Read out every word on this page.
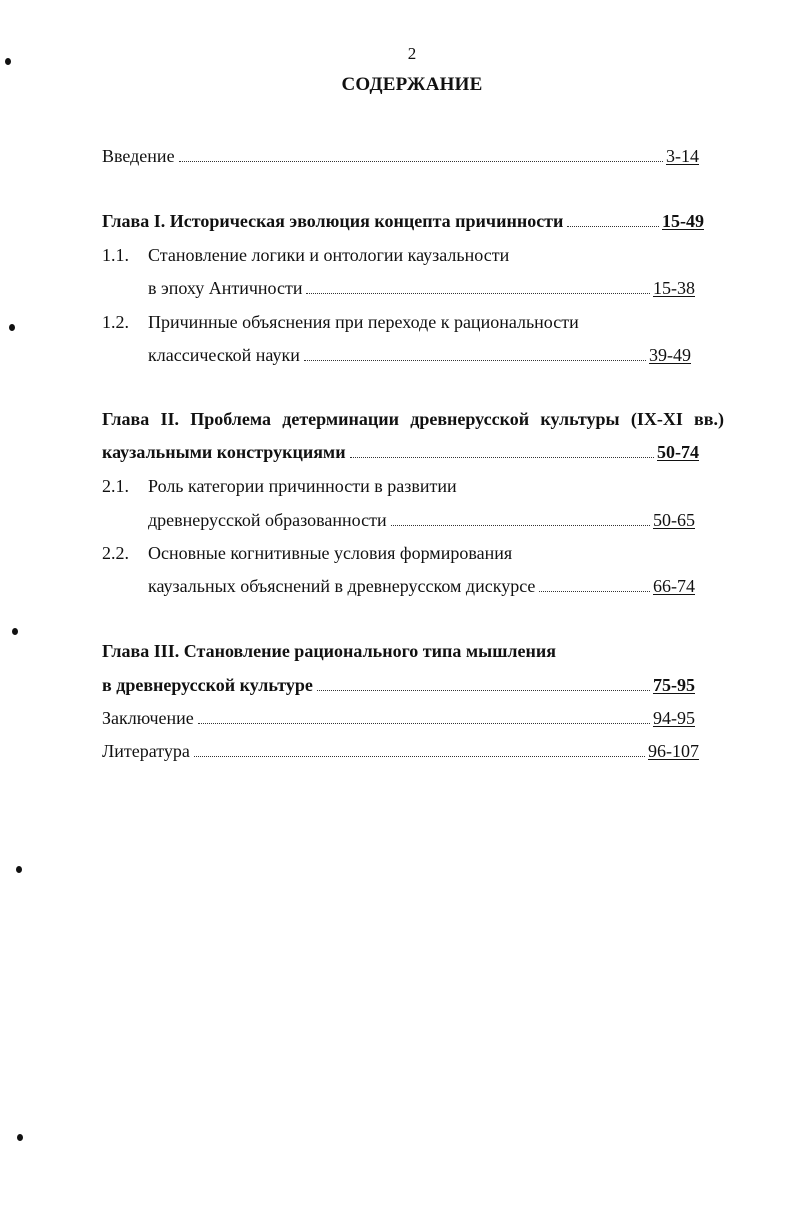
2
СОДЕРЖАНИЕ
Введение	3-14
Глава I. Историческая эволюция концепта причинности	15-49
1.1. Становление логики и онтологии каузальности
в эпоху Античности	15-38
1.2. Причинные объяснения при переходе к рациональности
классической науки	39-49
Глава II. Проблема детерминации древнерусской культуры (IX-XI вв.)
каузальными конструкциями	50-74
2.1. Роль категории причинности в развитии
древнерусской образованности	50-65
2.2. Основные когнитивные условия формирования
каузальных объяснений в древнерусском дискурсе	66-74
Глава III. Становление рационального типа мышления
в древнерусской культуре	75-95
Заключение	94-95
Литература	96-107
